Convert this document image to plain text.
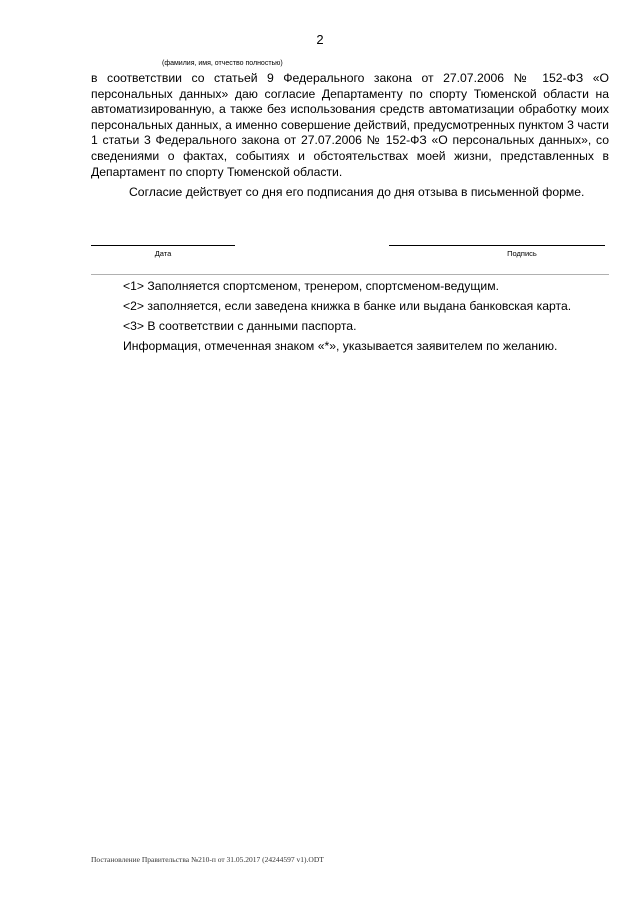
2
(фамилия, имя, отчество полностью)

в соответствии со статьей 9 Федерального закона от 27.07.2006 № 152-ФЗ «О персональных данных» даю согласие Департаменту по спорту Тюменской области на автоматизированную, а также без использования средств автоматизации обработку моих персональных данных, а именно совершение действий, предусмотренных пунктом 3 части 1 статьи 3 Федерального закона от 27.07.2006 № 152-ФЗ «О персональных данных», со сведениями о фактах, событиях и обстоятельствах моей жизни, представленных в Департамент по спорту Тюменской области.

Согласие действует со дня его подписания до дня отзыва в письменной форме.

Дата	Подпись
<1> Заполняется спортсменом, тренером, спортсменом-ведущим.
<2> заполняется, если заведена книжка в банке или выдана банковская карта.
<3> В соответствии с данными паспорта.
Информация, отмеченная знаком «*», указывается заявителем по желанию.
Постановление Правительства №210-п от 31.05.2017 (24244597 v1).ODT
